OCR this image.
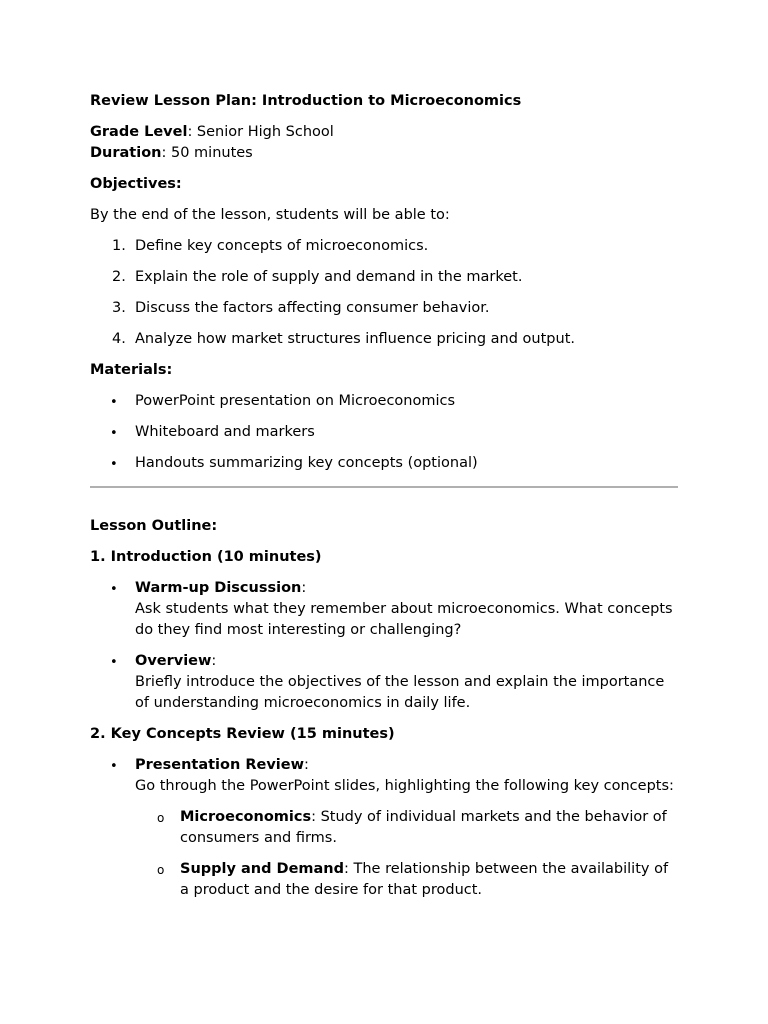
Review Lesson Plan: Introduction to Microeconomics

Grade Level: Senior High School

Duration: 50 minutes

Objectives:

By the end of the lesson, students will be able to:

1. Define key concepts of microeconomics.
2. Explain the role of supply and demand in the market.
3. Discuss the factors affecting consumer behavior.
4. Analyze how market structures influence pricing and output.

Materials:

• PowerPoint presentation on Microeconomics
• Whiteboard and markers
• Handouts summarizing key concepts (optional)

Lesson Outline:

1. Introduction (10 minutes)

• Warm-up Discussion:
Ask students what they remember about microeconomics. What concepts do they find most interesting or challenging?
• Overview:
Briefly introduce the objectives of the lesson and explain the importance of understanding microeconomics in daily life.

2. Key Concepts Review (15 minutes)

• Presentation Review:
Go through the PowerPoint slides, highlighting the following key concepts:
o Microeconomics: Study of individual markets and the behavior of consumers and firms.
o Supply and Demand: The relationship between the availability of a product and the desire for that product.
